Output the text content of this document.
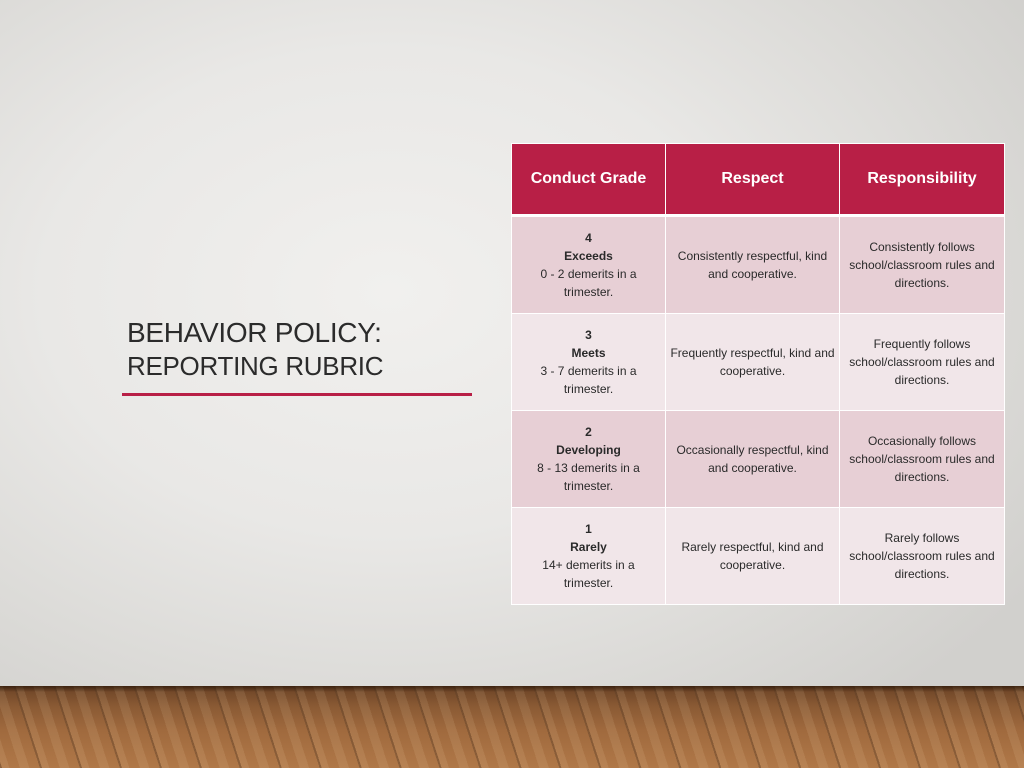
BEHAVIOR POLICY:
REPORTING RUBRIC
Conduct Grade	Respect	Responsibility

4
Exceeds
0 - 2 demerits in a trimester.	Consistently respectful, kind and cooperative.	Consistently follows school/classroom rules and directions.

3
Meets
3 - 7 demerits in a trimester.	Frequently respectful, kind and cooperative.	Frequently follows school/classroom rules and directions.

2
Developing
8 - 13 demerits in a trimester.	Occasionally respectful, kind and cooperative.	Occasionally follows school/classroom rules and directions.

1
Rarely
14+ demerits in a trimester.	Rarely respectful, kind and cooperative.	Rarely follows school/classroom rules and directions.
